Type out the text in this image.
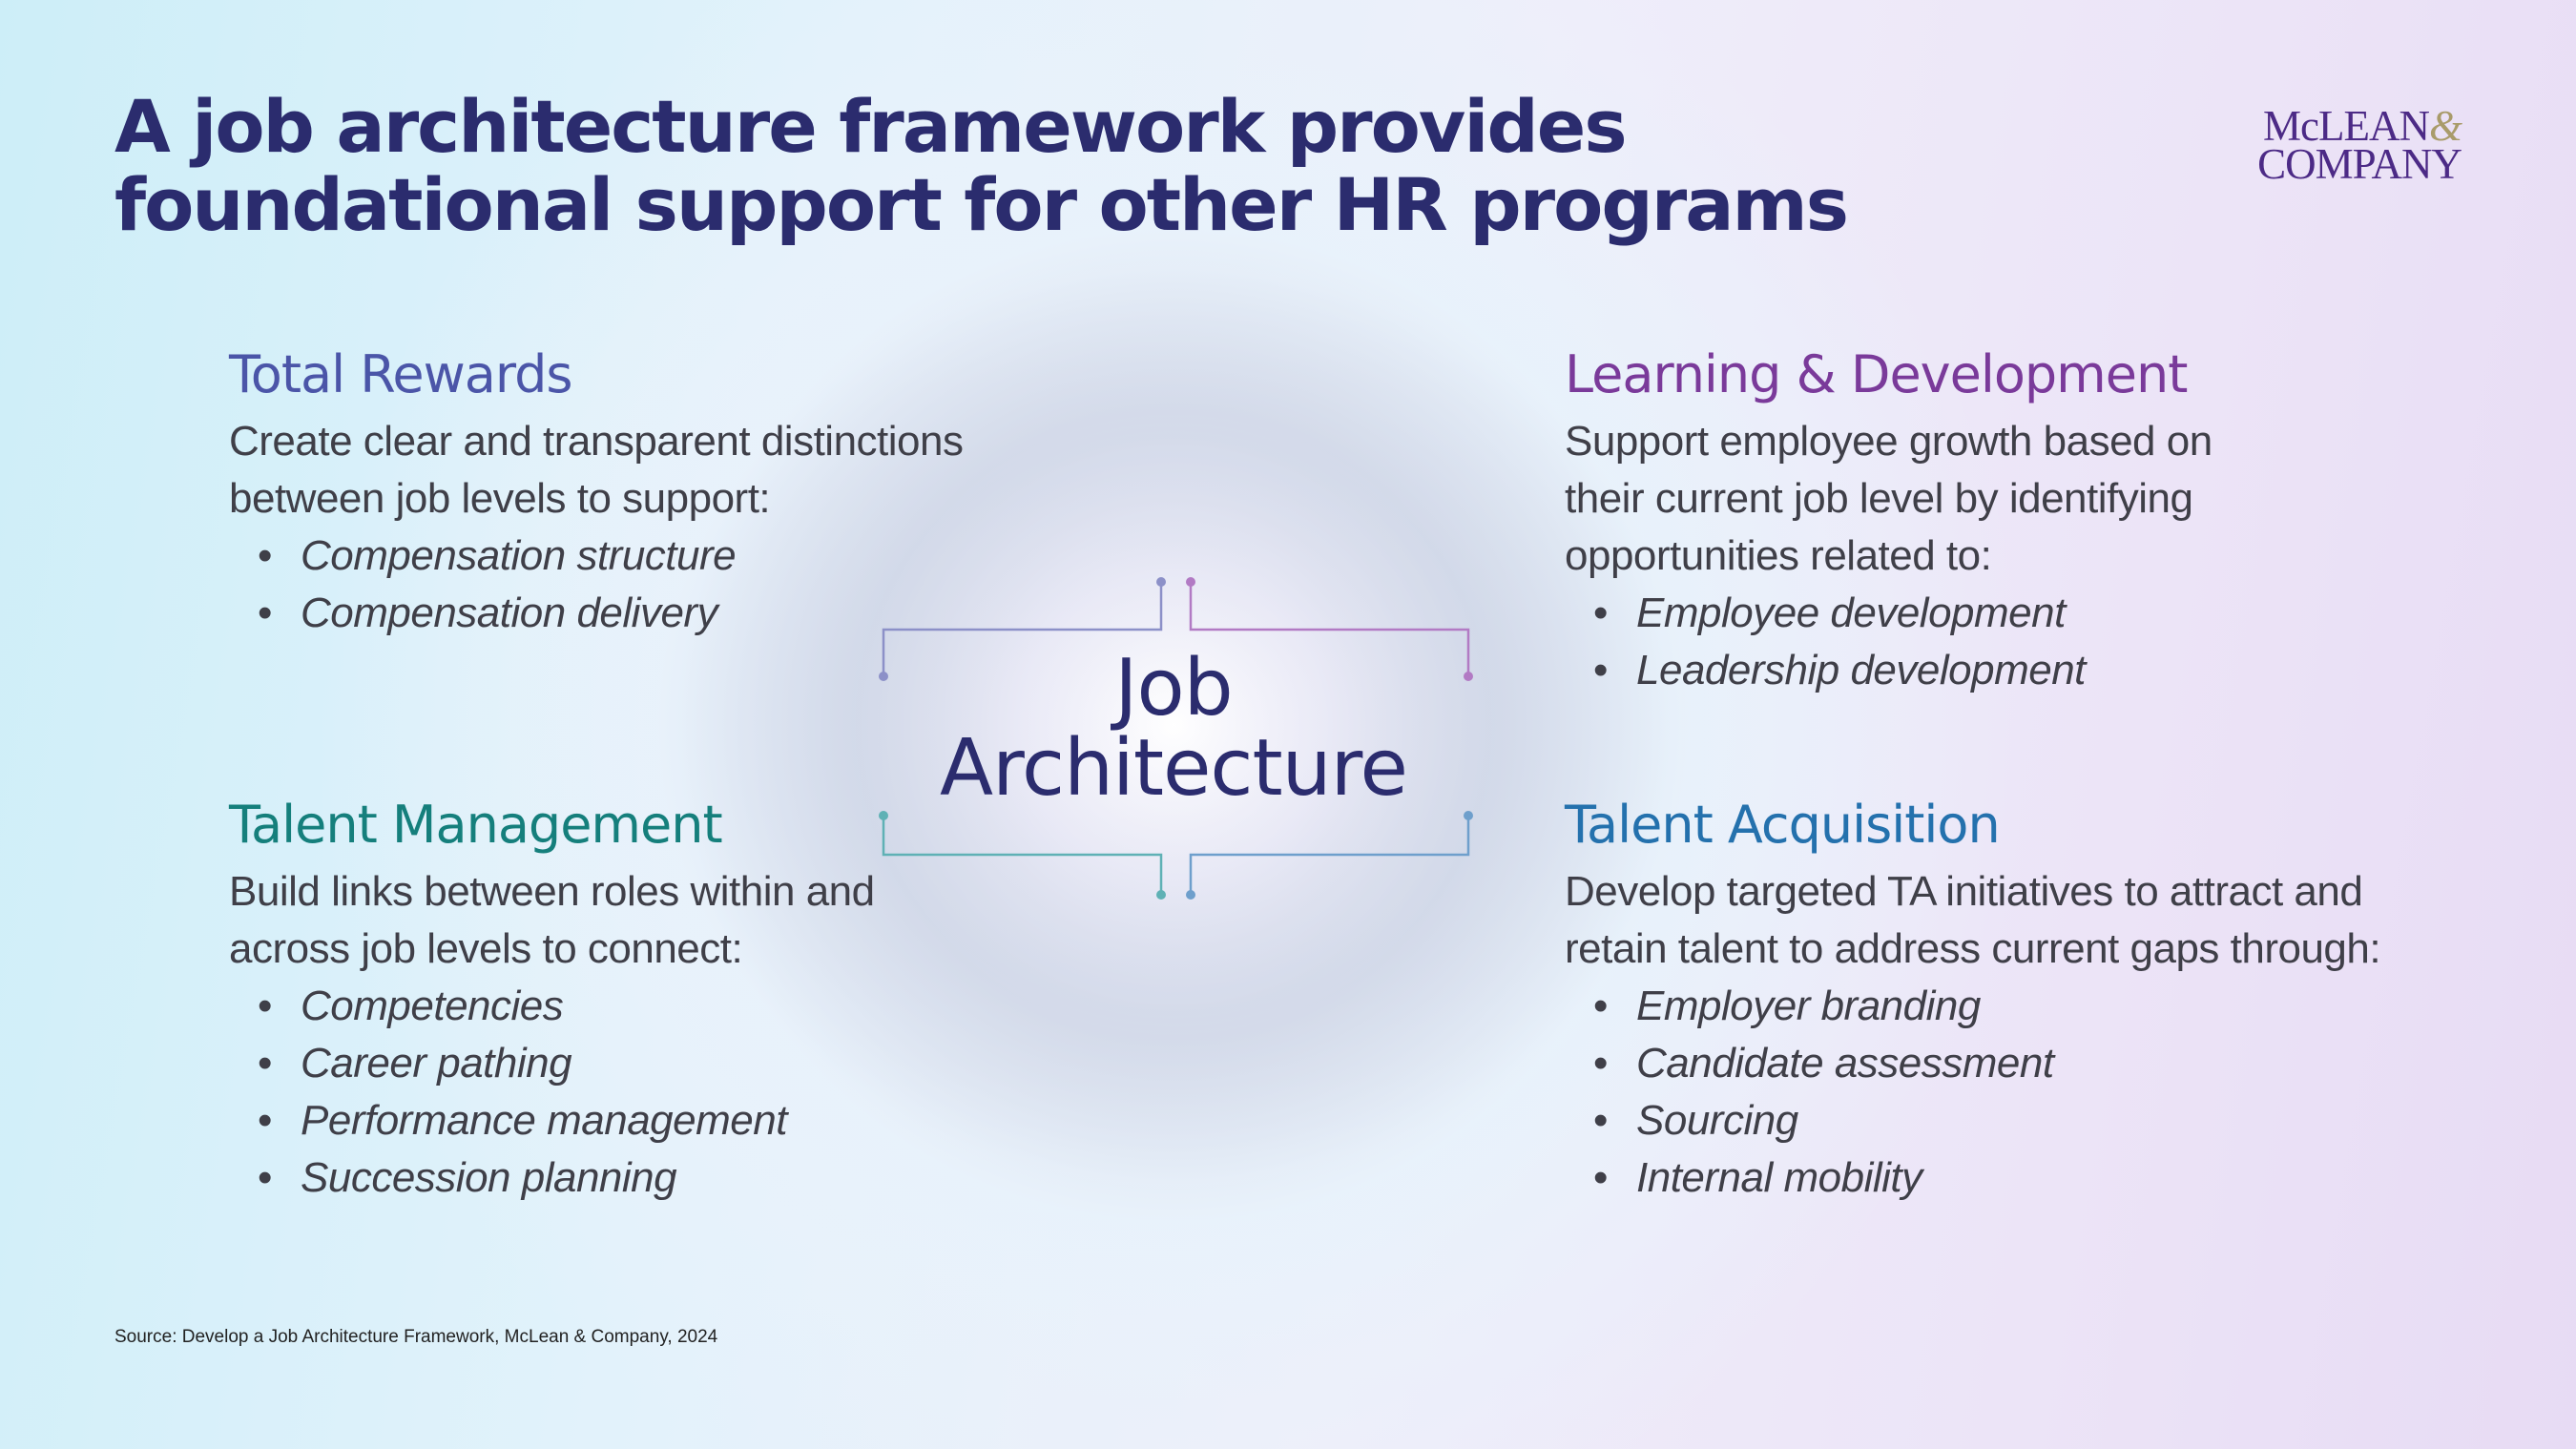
A job architecture framework provides
foundational support for other HR programs
McLEAN&
COMPANY
Total Rewards
Create clear and transparent distinctions between job levels to support:
• Compensation structure
• Compensation delivery
Learning & Development
Support employee growth based on their current job level by identifying opportunities related to:
• Employee development
• Leadership development
Talent Management
Build links between roles within and across job levels to connect:
• Competencies
• Career pathing
• Performance management
• Succession planning
Talent Acquisition
Develop targeted TA initiatives to attract and retain talent to address current gaps through:
• Employer branding
• Candidate assessment
• Sourcing
• Internal mobility
Job
Architecture
Source: Develop a Job Architecture Framework, McLean & Company, 2024
